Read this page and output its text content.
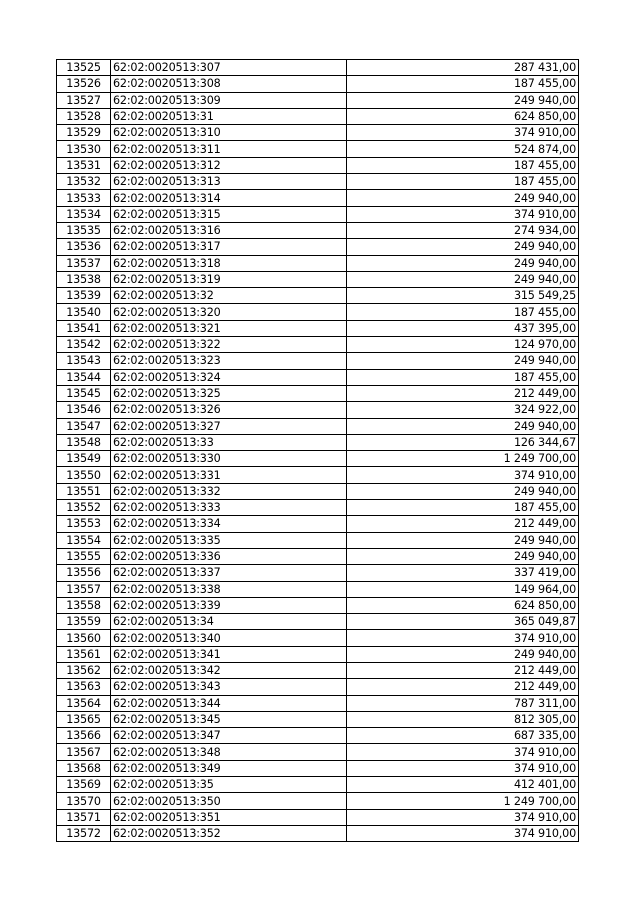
13525	62:02:0020513:307	287 431,00
13526	62:02:0020513:308	187 455,00
13527	62:02:0020513:309	249 940,00
13528	62:02:0020513:31	624 850,00
13529	62:02:0020513:310	374 910,00
13530	62:02:0020513:311	524 874,00
13531	62:02:0020513:312	187 455,00
13532	62:02:0020513:313	187 455,00
13533	62:02:0020513:314	249 940,00
13534	62:02:0020513:315	374 910,00
13535	62:02:0020513:316	274 934,00
13536	62:02:0020513:317	249 940,00
13537	62:02:0020513:318	249 940,00
13538	62:02:0020513:319	249 940,00
13539	62:02:0020513:32	315 549,25
13540	62:02:0020513:320	187 455,00
13541	62:02:0020513:321	437 395,00
13542	62:02:0020513:322	124 970,00
13543	62:02:0020513:323	249 940,00
13544	62:02:0020513:324	187 455,00
13545	62:02:0020513:325	212 449,00
13546	62:02:0020513:326	324 922,00
13547	62:02:0020513:327	249 940,00
13548	62:02:0020513:33	126 344,67
13549	62:02:0020513:330	1 249 700,00
13550	62:02:0020513:331	374 910,00
13551	62:02:0020513:332	249 940,00
13552	62:02:0020513:333	187 455,00
13553	62:02:0020513:334	212 449,00
13554	62:02:0020513:335	249 940,00
13555	62:02:0020513:336	249 940,00
13556	62:02:0020513:337	337 419,00
13557	62:02:0020513:338	149 964,00
13558	62:02:0020513:339	624 850,00
13559	62:02:0020513:34	365 049,87
13560	62:02:0020513:340	374 910,00
13561	62:02:0020513:341	249 940,00
13562	62:02:0020513:342	212 449,00
13563	62:02:0020513:343	212 449,00
13564	62:02:0020513:344	787 311,00
13565	62:02:0020513:345	812 305,00
13566	62:02:0020513:347	687 335,00
13567	62:02:0020513:348	374 910,00
13568	62:02:0020513:349	374 910,00
13569	62:02:0020513:35	412 401,00
13570	62:02:0020513:350	1 249 700,00
13571	62:02:0020513:351	374 910,00
13572	62:02:0020513:352	374 910,00
